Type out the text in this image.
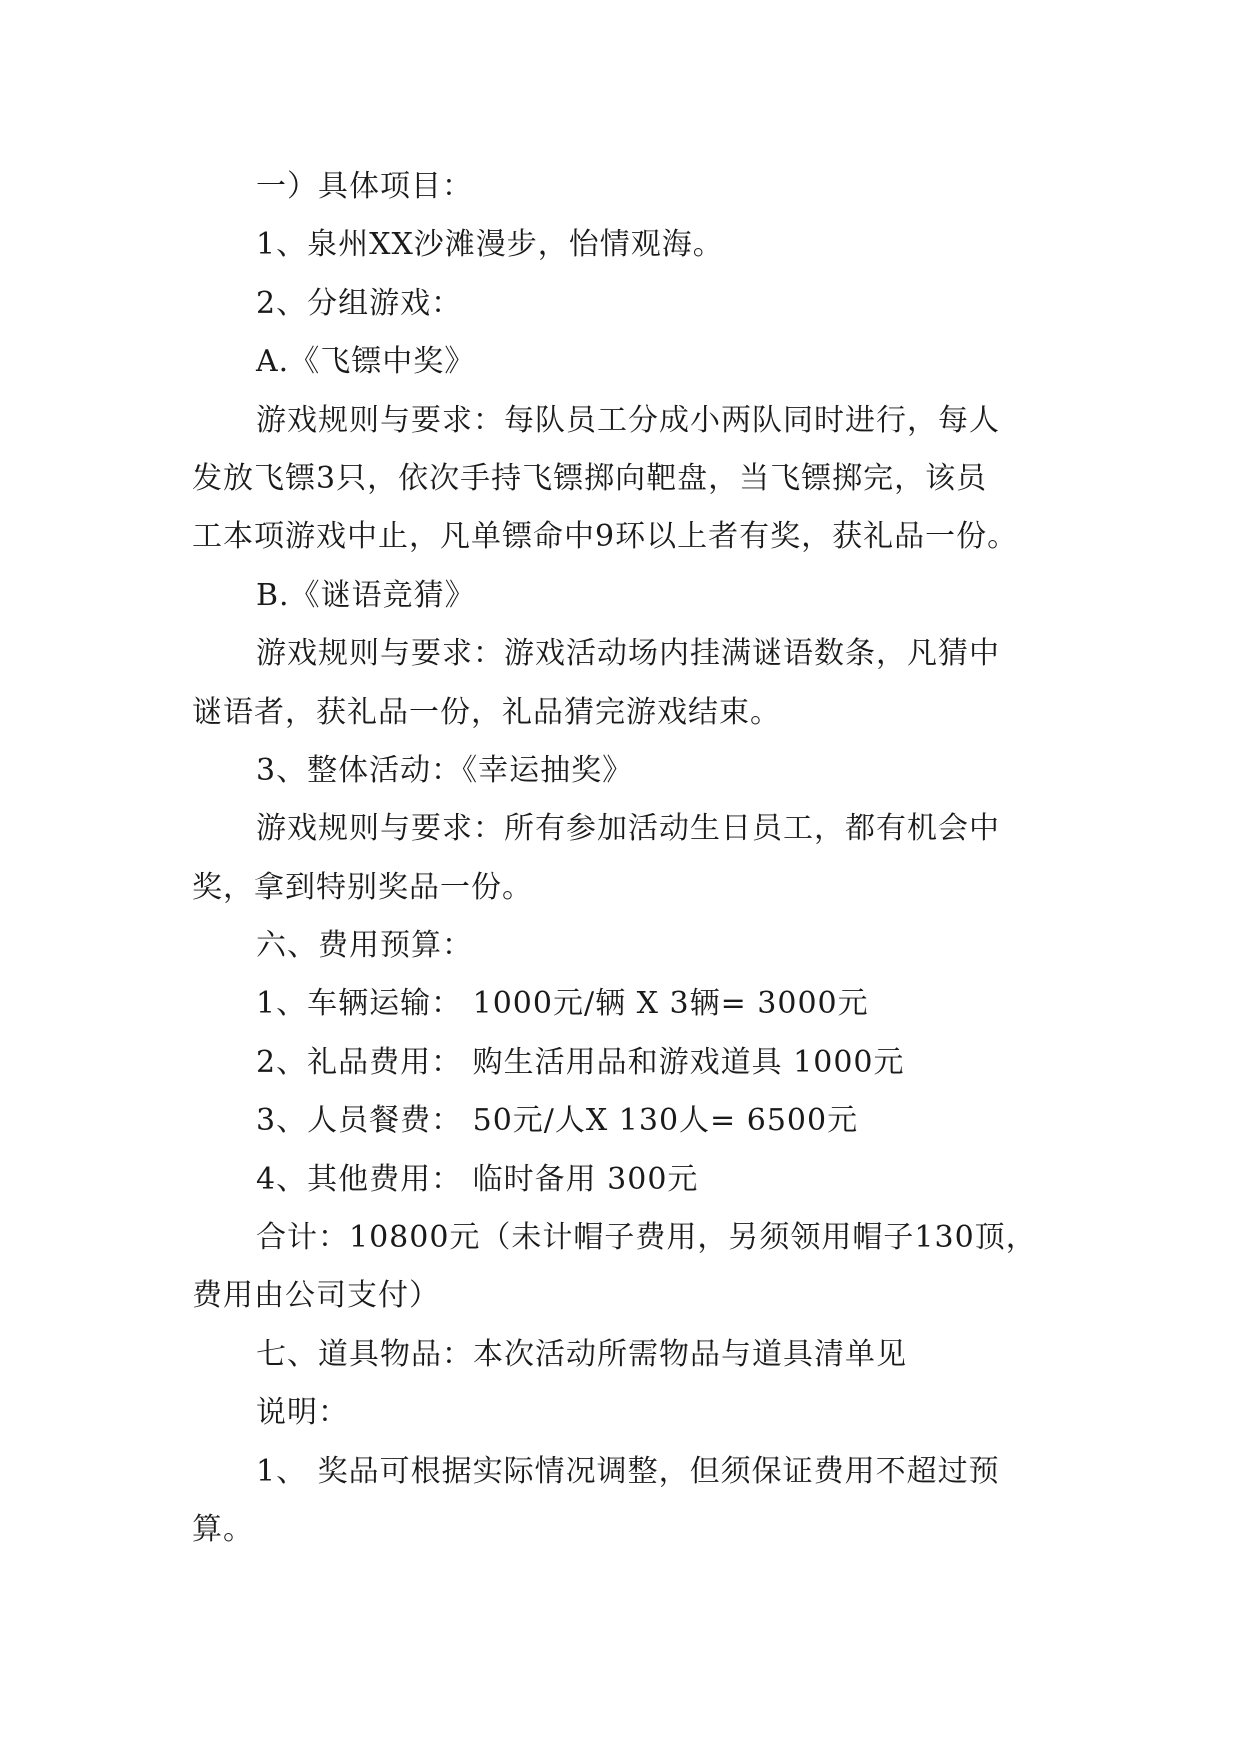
一）具体项目：
1、泉州XX沙滩漫步，怡情观海。
2、分组游戏：
A.《飞镖中奖》
游戏规则与要求：每队员工分成小两队同时进行，每人
发放飞镖3只，依次手持飞镖掷向靶盘，当飞镖掷完，该员
工本项游戏中止，凡单镖命中9环以上者有奖，获礼品一份。
B.《谜语竞猜》
游戏规则与要求：游戏活动场内挂满谜语数条，凡猜中
谜语者，获礼品一份，礼品猜完游戏结束。
3、整体活动：《幸运抽奖》
游戏规则与要求：所有参加活动生日员工，都有机会中
奖，拿到特别奖品一份。
六、费用预算：
1、车辆运输： 1000元/辆 X 3辆= 3000元
2、礼品费用： 购生活用品和游戏道具 1000元
3、人员餐费： 50元/人X 130人= 6500元
4、其他费用： 临时备用 300元
合计：10800元（未计帽子费用，另须领用帽子130顶，
费用由公司支付）
七、道具物品：本次活动所需物品与道具清单见
说明：
1、 奖品可根据实际情况调整，但须保证费用不超过预
算。
